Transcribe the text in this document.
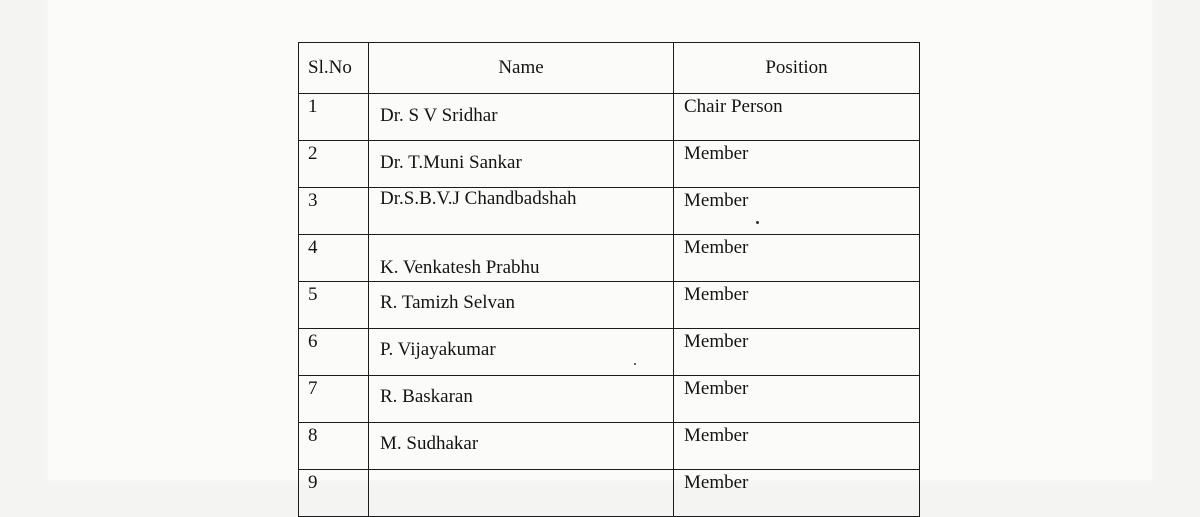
Sl.No	Name	Position

1	Dr. S V Sridhar	Chair Person

2	Dr. T.Muni Sankar	Member

3	Dr.S.B.V.J Chandbadshah	Member

4	K. Venkatesh Prabhu	Member

5	R. Tamizh Selvan	Member

6	P. Vijayakumar	Member

7	R. Baskaran	Member

8	M. Sudhakar	Member

9		Member
